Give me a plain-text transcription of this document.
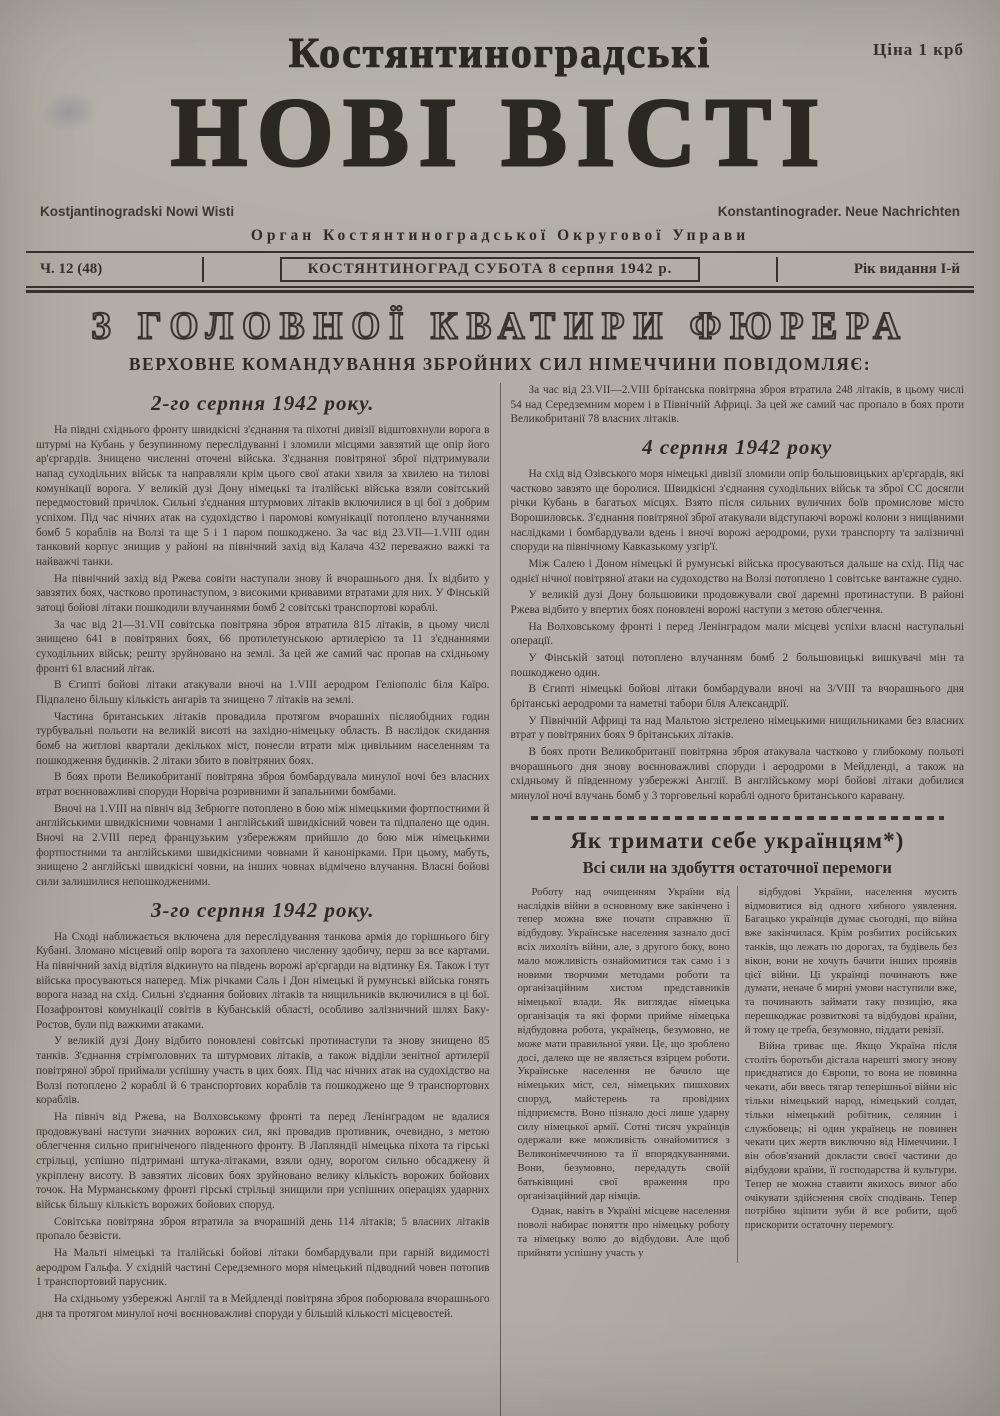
Ціна 1 крб
Костянтиноградські
НОВІ ВІСТІ
Kostjantinogradski Nowi Wisti	Konstantinograder. Neue Nachrichten
Орган Костянтиноградської Округової Управи
Ч. 12 (48)	КОСТЯНТИНОГРАД СУБОТА 8 серпня 1942 р.	Рік видання І-й
З ГОЛОВНОЇ КВАТИРИ ФЮРЕРА
ВЕРХОВНЕ КОМАНДУВАННЯ ЗБРОЙНИХ СИЛ НІМЕЧЧИНИ ПОВІДОМЛЯЄ:
2-го серпня 1942 року.

На півдні східнього фронту швидкісні з'єднання та піхотні дивізії відштовхнули ворога в штурмі на Кубань у безупинному переслідуванні і зломили місцями завзятий ще опір його ар'єргардів. Знищено численні оточені війська. З'єднання повітряної зброї підтримували напад суходільних військ та направляли крім цього свої атаки хвиля за хвилею на тилові комунікації ворога. У великій дузі Дону німецькі та італійські війська взяли совітський передмостовий причілок. Сильні з'єднання штурмових літаків включилися в ці бої з добрим успіхом. Під час нічних атак на судохідство і паромові комунікації потоплено влучаннями бомб 5 кораблів на Волзі та ще 5 і 1 паром пошкоджено. За час від 23.VII—1.VIII один танковий корпус знищив у районі на північний захід від Калача 432 переважно важкі та найважчі танки.

На північний захід від Ржева совіти наступали знову й вчорашнього дня. Їх відбито у завзятих боях, частково протинаступом, з високими кривавими втратами для них. У Фінській затоці бойові літаки пошкодили влучаннями бомб 2 совітські транспортові кораблі.

За час від 21—31.VII совітська повітряна зброя втратила 815 літаків, в цьому числі знищено 641 в повітряних боях, 66 протилетунською артилерією та 11 з'єднаннями суходільних військ; решту зруйновано на землі. За цей же самий час пропав на східньому фронті 61 власний літак.

В Єгипті бойові літаки атакували вночі на 1.VIII аеродром Геліополіс біля Каїро. Підпалено більшу кількість ангарів та знищено 7 літаків на землі.

Частина британських літаків провадила протягом вчорашніх післяобідних годин турбувальні польоти на великій висоті на західно-німецьку область. В наслідок скидання бомб на житлові квартали декількох міст, понесли втрати між цивільним населенням та пошкодження будинків. 2 літаки збито в повітряних боях.

В боях проти Великобританії повітряна зброя бомбардувала минулої ночі без власних втрат воєнноважливі споруди Норвіча розривними й запальними бомбами.

Вночі на 1.VIII на північ від Зебрюгге потоплено в бою між німецькими фортпостними й англійськими швидкісними човнами 1 англійський швидкісний човен та підпалено ще один. Вночі на 2.VIII перед французьким узбережжям прийшло до бою між німецькими фортпостними та англійськими швидкісними човнами й канонірками. При цьому, мабуть, знищено 2 англійські швидкісні човни, на інших човнах відмічено влучання. Власні бойові сили залишилися непошкодженими.

3-го серпня 1942 року.

На Сході наближається включена для переслідування танкова армія до горішнього бігу Кубані. Зломано місцевий опір ворога та захоплено численну здобичу, перш за все картами. На північний захід відтіля відкинуто на південь ворожі ар'єргарди на відтинку Ея. Також і тут війська просуваються наперед. Між річками Саль і Дон німецькі й румунські війська гонять ворога назад на схід. Сильні з'єднання бойових літаків та нищильників включилися в ці бої. Позафронтові комунікації совітів в Кубанській області, особливо залізничний шлях Баку-Ростов, були під важкими атаками.

У великій дузі Дону відбито поновлені совітські протинаступи та знову знищено 85 танків. З'єднання стрімголовних та штурмових літаків, а також відділи зенітної артилерії повітряної зброї приймали успішну участь в цих боях. Під час нічних атак на судохідство на Волзі потоплено 2 кораблі й 6 транспортових кораблів та пошкоджено ще 9 транспортових кораблів.

На північ від Ржева, на Волховському фронті та перед Ленінградом не вдалися продовжувані наступи значних ворожих сил, які провадив противник, очевидно, з метою облегчення сильно пригніченого південного фронту. В Лапляндії німецька піхота та гірські стрільці, успішно підтримані штука-літаками, взяли одну, ворогом сильно обсаджену й укріплену висоту. В завзятих лісових боях зруйновано велику кількість ворожих бойових точок. На Мурманському фронті гірські стрільці знищили при успішних операціях ударних військ більшу кількість ворожих бойових споруд.

Совітська повітряна зброя втратила за вчорашній день 114 літаків; 5 власних літаків пропало безвісти.

На Мальті німецькі та італійські бойові літаки бомбардували при гарній видимості аеродром Гальфа. У східній частині Середземного моря німецький підводний човен потопив 1 транспортовий парусник.

На східньому узбережжі Англії та в Мейдленді повітряна зброя поборювала вчорашнього дня та протягом минулої ночі воєнноважливі споруди у більшій кількості місцевостей.

За час від 23.VII—2.VIII брітанська повітряна зброя втратила 248 літаків, в цьому числі 54 над Середземним морем і в Північній Африці. За цей же самий час пропало в боях проти Великобританії 78 власних літаків.

4 серпня 1942 року

На схід від Озівського моря німецькі дивізії зломили опір большовицьких ар'єргардів, які частково завзято ще боролися. Швидкісні з'єднання суходільних військ та зброї СС досягли річки Кубань в багатьох місцях. Взято після сильних вуличних боїв промислове місто Ворошиловськ. З'єднання повітряної зброї атакували відступаючі ворожі колони з нищівними наслідками і бомбардували вдень і вночі ворожі аеродроми, рухи транспорту та залізничні споруди на північному Кавказькому узгір'ї.

Між Салею і Доном німецькі й румунські війська просуваються дальше на схід. Під час однієї нічної повітряної атаки на судоходство на Волзі потоплено 1 совітське вантажне судно.

У великій дузі Дону большовики продовжували свої даремні протинаступи. В районі Ржева відбито у впертих боях поновлені ворожі наступи з метою облегчення.

На Волховському фронті і перед Ленінградом мали місцеві успіхи власні наступальні операції.

У Фінській затоці потоплено влучанням бомб 2 большовицькі вишкувачі мін та пошкоджено один.

В Єгипті німецькі бойові літаки бомбардували вночі на 3/VIII та вчорашнього дня брітанські аеродроми та наметні табори біля Александрії.

У Північній Африці та над Мальтою зістрелено німецькими нищильниками без власних втрат у повітряних боях 9 брітанських літаків.

В боях проти Великобританії повітряна зброя атакувала частково у глибокому польоті вчорашнього дня знову воєнноважливі споруди і аеродроми в Мейдленді, а також на східньому й південному узбережжі Англії. В англійському морі бойові літаки добилися минулої ночі влучань бомб у 3 торговельні кораблі одного британського каравану.

Як тримати себе українцям*)
Всі сили на здобуття остаточної перемоги

Роботу над очищенням України від наслідків війни в основному вже закінчено і тепер можна вже почати справжню її відбудову. Українське населення зазнало досі всіх лихоліть війни, але, з другого боку, воно мало можливість ознайомитися так само і з новими творчими методами роботи та організаційним хистом представників німецької влади. Як виглядає німецька організація та які форми прийме німецька відбудовна робота, українець, безумовно, не може мати правильної уяви. Це, що зроблено досі, далеко ще не являється взірцем роботи. Українське населення не бачило ще німецьких міст, сел, німецьких пишхових споруд, майстерень та провідних підприємств. Воно пізнало досі лише ударну силу німецької армії. Сотні тисяч українців одержали вже можливість ознайомитися з Великонімеччиною та її впорядкуваннями. Вони, безумовно, передадуть своїй батьківщині свої враження про організаційний дар німців.

Однак, навіть в Україні місцеве населення поволі набирає поняття про німецьку роботу та німецьку волю до відбудови. Але щоб прийняти успішну участь у

відбудові України, населення мусить відмовитися від одного хибного уявлення. Багацько українців думає сьогодні, що війна вже закінчилася. Крім розбитих російських танків, що лежать по дорогах, та будівель без вікон, вони не хочуть бачити інших проявів цієї війни. Ці українці починають вже думати, неначе б мирні умови наступили вже, та починають займати таку позицію, яка перешкоджає розвиткові та відбудові країни, й тому це треба, безумовно, піддати ревізії.

Війна триває ще. Якщо Україна після століть боротьби дістала нарешті змогу знову приєднатися до Європи, то вона не повинна чекати, аби ввесь тягар теперішньої війни ніс тільки німецький народ, німецький солдат, тільки німецький робітник, селянин і службовець; ні один українець не повинен чекати цих жертв виключно від Німеччини. І він обов'язаний докласти своєї частини до відбудови країни, її господарства й культури. Тепер не можна ставити якихось вимог або очікувати здійснення своїх сподівань. Тепер потрібно зціпити зуби й все робити, щоб прискорити остаточну перемогу.
